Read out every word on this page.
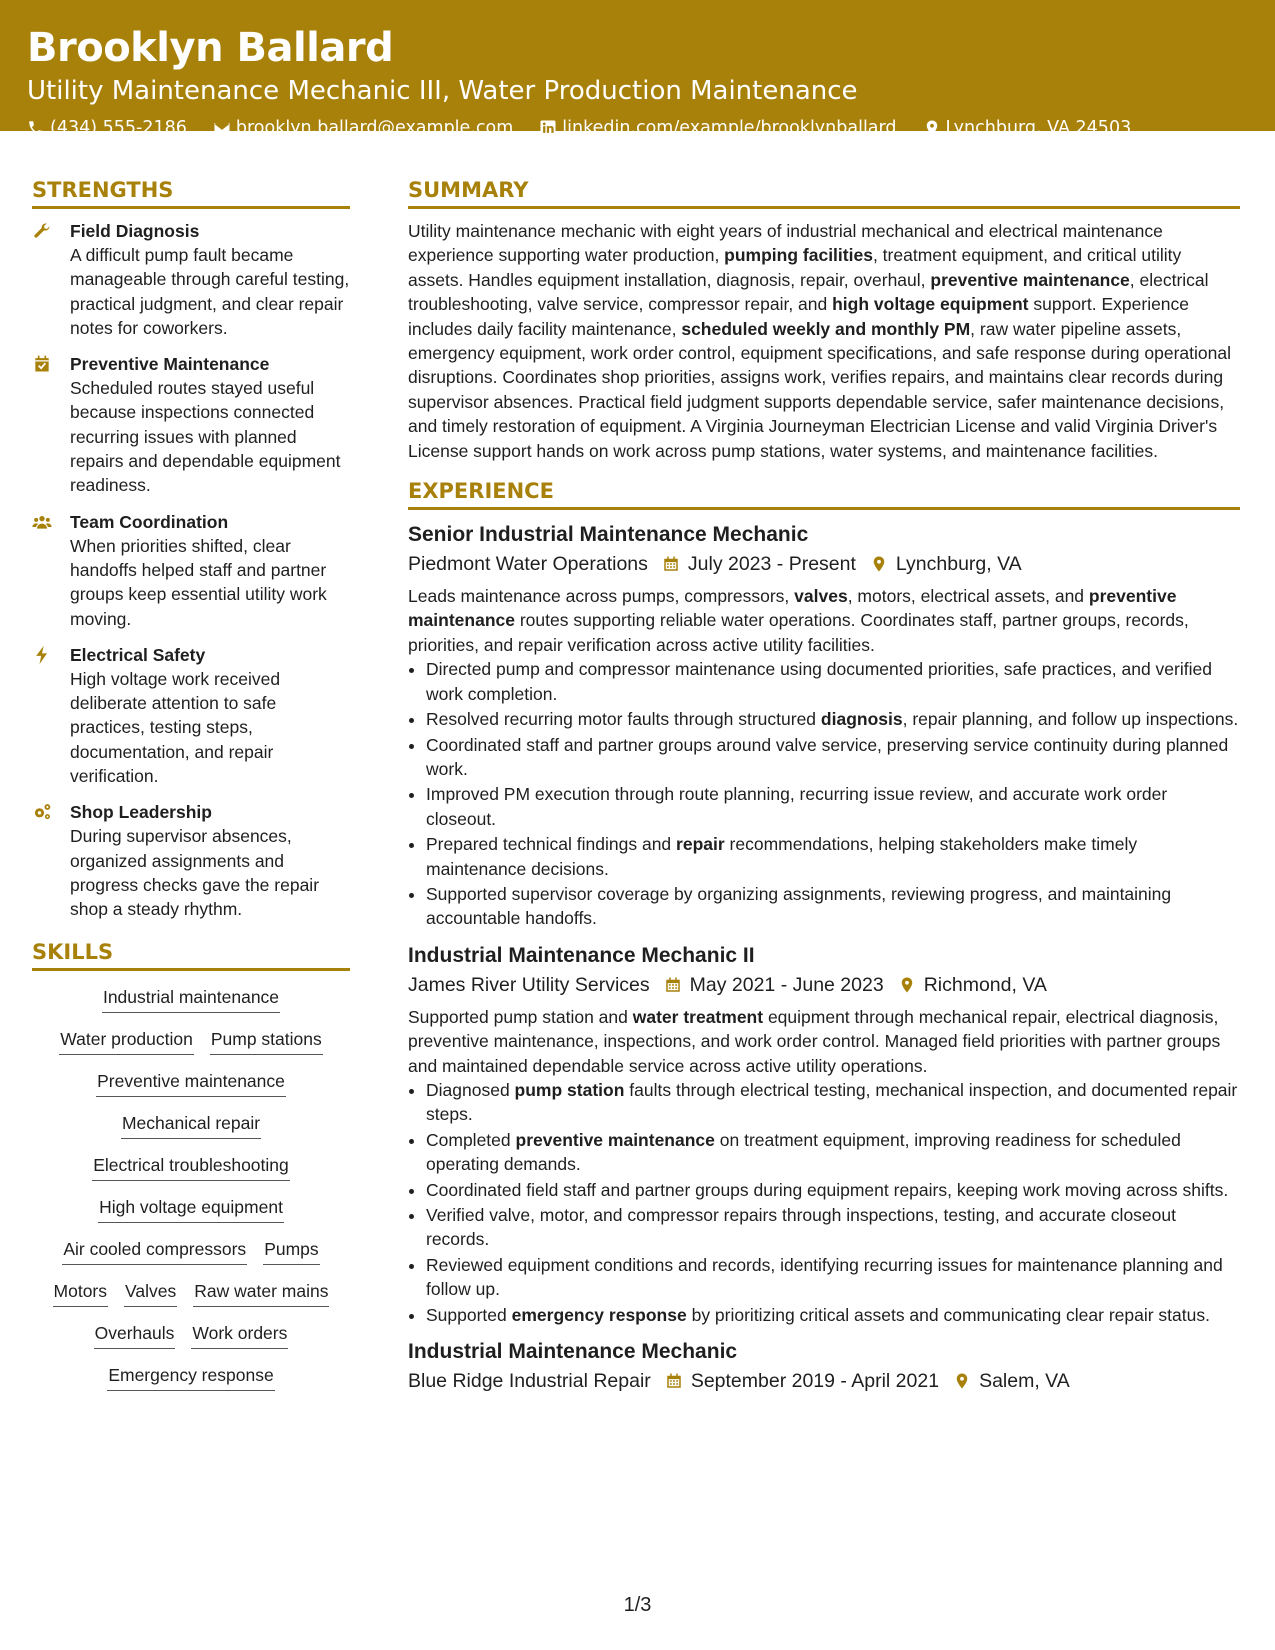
Brooklyn Ballard
Utility Maintenance Mechanic III, Water Production Maintenance
(434) 555-2186	brooklyn.ballard@example.com	linkedin.com/example/brooklynballard	Lynchburg, VA 24503
STRENGTHS
Field Diagnosis
A difficult pump fault became manageable through careful testing, practical judgment, and clear repair notes for coworkers.
Preventive Maintenance
Scheduled routes stayed useful because inspections connected recurring issues with planned repairs and dependable equipment readiness.
Team Coordination
When priorities shifted, clear handoffs helped staff and partner groups keep essential utility work moving.
Electrical Safety
High voltage work received deliberate attention to safe practices, testing steps, documentation, and repair verification.
Shop Leadership
During supervisor absences, organized assignments and progress checks gave the repair shop a steady rhythm.
SKILLS
Industrial maintenance
Water production Pump stations
Preventive maintenance
Mechanical repair
Electrical troubleshooting
High voltage equipment
Air cooled compressors Pumps
Motors Valves Raw water mains
Overhauls Work orders
Emergency response
SUMMARY
Utility maintenance mechanic with eight years of industrial mechanical and electrical maintenance experience supporting water production, pumping facilities, treatment equipment, and critical utility assets. Handles equipment installation, diagnosis, repair, overhaul, preventive maintenance, electrical troubleshooting, valve service, compressor repair, and high voltage equipment support. Experience includes daily facility maintenance, scheduled weekly and monthly PM, raw water pipeline assets, emergency equipment, work order control, equipment specifications, and safe response during operational disruptions. Coordinates shop priorities, assigns work, verifies repairs, and maintains clear records during supervisor absences. Practical field judgment supports dependable service, safer maintenance decisions, and timely restoration of equipment. A Virginia Journeyman Electrician License and valid Virginia Driver's License support hands on work across pump stations, water systems, and maintenance facilities.
EXPERIENCE
Senior Industrial Maintenance Mechanic
Piedmont Water Operations July 2023 - Present Lynchburg, VA
Leads maintenance across pumps, compressors, valves, motors, electrical assets, and preventive maintenance routes supporting reliable water operations. Coordinates staff, partner groups, records, priorities, and repair verification across active utility facilities.
• Directed pump and compressor maintenance using documented priorities, safe practices, and verified work completion.
• Resolved recurring motor faults through structured diagnosis, repair planning, and follow up inspections.
• Coordinated staff and partner groups around valve service, preserving service continuity during planned work.
• Improved PM execution through route planning, recurring issue review, and accurate work order closeout.
• Prepared technical findings and repair recommendations, helping stakeholders make timely maintenance decisions.
• Supported supervisor coverage by organizing assignments, reviewing progress, and maintaining accountable handoffs.
Industrial Maintenance Mechanic II
James River Utility Services May 2021 - June 2023 Richmond, VA
Supported pump station and water treatment equipment through mechanical repair, electrical diagnosis, preventive maintenance, inspections, and work order control. Managed field priorities with partner groups and maintained dependable service across active utility operations.
• Diagnosed pump station faults through electrical testing, mechanical inspection, and documented repair steps.
• Completed preventive maintenance on treatment equipment, improving readiness for scheduled operating demands.
• Coordinated field staff and partner groups during equipment repairs, keeping work moving across shifts.
• Verified valve, motor, and compressor repairs through inspections, testing, and accurate closeout records.
• Reviewed equipment conditions and records, identifying recurring issues for maintenance planning and follow up.
• Supported emergency response by prioritizing critical assets and communicating clear repair status.
Industrial Maintenance Mechanic
Blue Ridge Industrial Repair September 2019 - April 2021 Salem, VA
1/3
